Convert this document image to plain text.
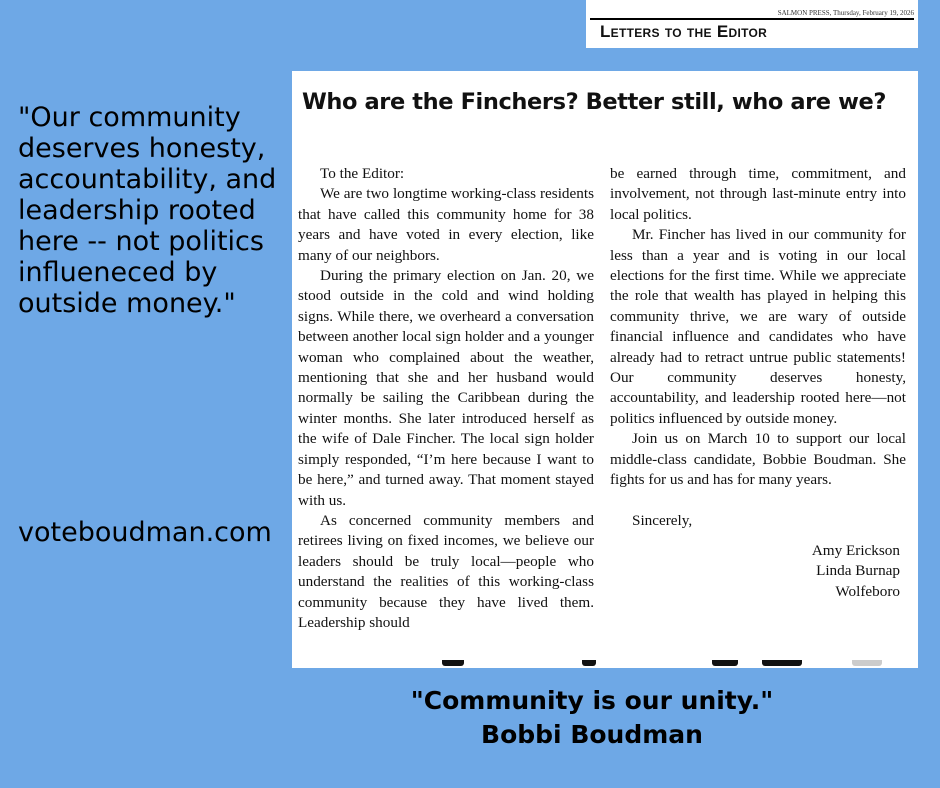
"Our community deserves honesty, accountability, and leadership rooted here -- not politics influeneced by outside money."
voteboudman.com
SALMON PRESS, Thursday, February 19, 2026
Letters to the Editor
Who are the Finchers? Better still, who are we?

To the Editor:

We are two longtime working-class residents that have called this community home for 38 years and have voted in every election, like many of our neighbors.

During the primary election on Jan. 20, we stood outside in the cold and wind holding signs. While there, we overheard a conversation between another local sign holder and a younger woman who complained about the weather, mentioning that she and her husband would normally be sailing the Caribbean during the winter months. She later introduced herself as the wife of Dale Fincher. The local sign holder simply responded, “I’m here because I want to be here,” and turned away. That moment stayed with us.

As concerned community members and retirees living on fixed incomes, we believe our leaders should be truly local—people who understand the realities of this working-class community because they have lived them. Leadership should

be earned through time, commitment, and involvement, not through last-minute entry into local politics.

Mr. Fincher has lived in our community for less than a year and is voting in our local elections for the first time. While we appreciate the role that wealth has played in helping this community thrive, we are wary of outside financial influence and candidates who have already had to retract untrue public statements! Our community deserves honesty, accountability, and leadership rooted here—not politics influenced by outside money.

Join us on March 10 to support our local middle-class candidate, Bobbie Boudman. She fights for us and has for many years.

Sincerely,

Amy Erickson

Linda Burnap

Wolfeboro

"Community is our unity."
Bobbi Boudman
